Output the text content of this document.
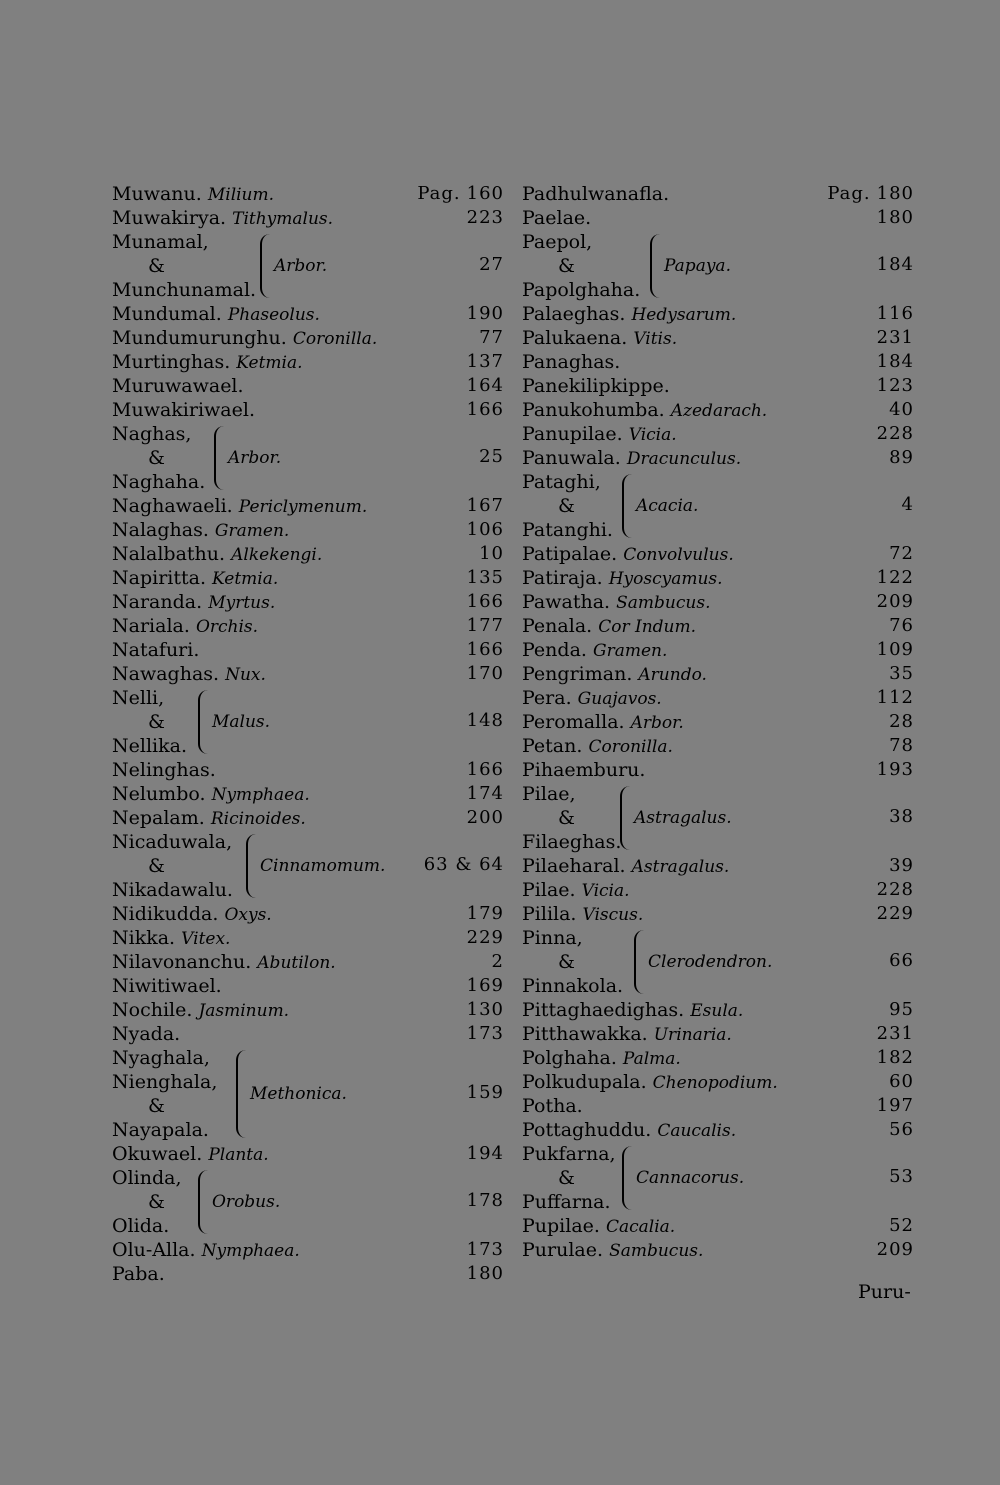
Muwanu. Milium.	Pag. 160
Muwakirya. Tithymalus.	223
Munamal,
&
Munchunamal.
Arbor.	27
Mundumal. Phaseolus.	190
Mundumurunghu. Coronilla.	77
Murtinghas. Ketmia.	137
Muruwawael.	164
Muwakiriwael.	166
Naghas,
&
Naghaha.
Arbor.	25
Naghawaeli. Periclymenum.	167
Nalaghas. Gramen.	106
Nalalbathu. Alkekengi.	10
Napiritta. Ketmia.	135
Naranda. Myrtus.	166
Nariala. Orchis.	177
Natafuri.	166
Nawaghas. Nux.	170
Nelli,
&
Nellika.
Malus.	148
Nelinghas.	166
Nelumbo. Nymphaea.	174
Nepalam. Ricinoides.	200
Nicaduwala,
&
Nikadawalu.
Cinnamomum. 63 & 64
Nidikudda. Oxys.	179
Nikka. Vitex.	229
Nilavonanchu. Abutilon.	2
Niwitiwael.	169
Nochile. Jasminum.	130
Nyada.	173
Nyaghala,
Nienghala,
&
Nayapala.
Methonica.	159
Okuwael. Planta.	194
Olinda,
&
Olida.
Orobus.	178
Olu-Alla. Nymphaea.	173
Paba.	180
Padhulwanafla.	Pag. 180
Paelae.	180
Paepol,
&
Papolghaha.
Papaya.	184
Palaeghas. Hedysarum.	116
Palukaena. Vitis.	231
Panaghas.	184
Panekilipkippe.	123
Panukohumba. Azedarach.	40
Panupilae. Vicia.	228
Panuwala. Dracunculus.	89
Pataghi,
&
Patanghi.
Acacia.	4
Patipalae. Convolvulus.	72
Patiraja. Hyoscyamus.	122
Pawatha. Sambucus.	209
Penala. Cor Indum.	76
Penda. Gramen.	109
Pengriman. Arundo.	35
Pera. Guajavos.	112
Peromalla. Arbor.	28
Petan. Coronilla.	78
Pihaemburu.	193
Pilae,
&
Filaeghas.
Astragalus.	38
Pilaeharal. Astragalus.	39
Pilae. Vicia.	228
Pilila. Viscus.	229
Pinna,
&
Pinnakola.
Clerodendron.	66
Pittaghaedighas. Esula.	95
Pitthawakka. Urinaria.	231
Polghaha. Palma.	182
Polkudupala. Chenopodium.	60
Potha.	197
Pottaghuddu. Caucalis.	56
Pukfarna,
&
Puffarna.
Cannacorus.	53
Pupilae. Cacalia.	52
Purulae. Sambucus.	209
Puru-
